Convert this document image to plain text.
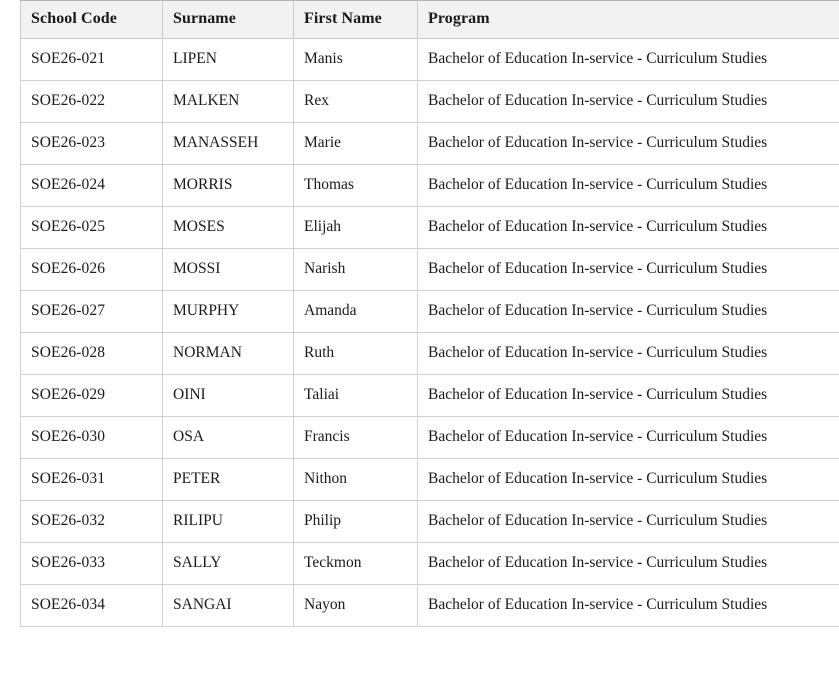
School Code	Surname	First Name	Program
SOE26-021	LIPEN	Manis	Bachelor of Education In-service - Curriculum Studies
SOE26-022	MALKEN	Rex	Bachelor of Education In-service - Curriculum Studies
SOE26-023	MANASSEH	Marie	Bachelor of Education In-service - Curriculum Studies
SOE26-024	MORRIS	Thomas	Bachelor of Education In-service - Curriculum Studies
SOE26-025	MOSES	Elijah	Bachelor of Education In-service - Curriculum Studies
SOE26-026	MOSSI	Narish	Bachelor of Education In-service - Curriculum Studies
SOE26-027	MURPHY	Amanda	Bachelor of Education In-service - Curriculum Studies
SOE26-028	NORMAN	Ruth	Bachelor of Education In-service - Curriculum Studies
SOE26-029	OINI	Taliai	Bachelor of Education In-service - Curriculum Studies
SOE26-030	OSA	Francis	Bachelor of Education In-service - Curriculum Studies
SOE26-031	PETER	Nithon	Bachelor of Education In-service - Curriculum Studies
SOE26-032	RILIPU	Philip	Bachelor of Education In-service - Curriculum Studies
SOE26-033	SALLY	Teckmon	Bachelor of Education In-service - Curriculum Studies
SOE26-034	SANGAI	Nayon	Bachelor of Education In-service - Curriculum Studies
